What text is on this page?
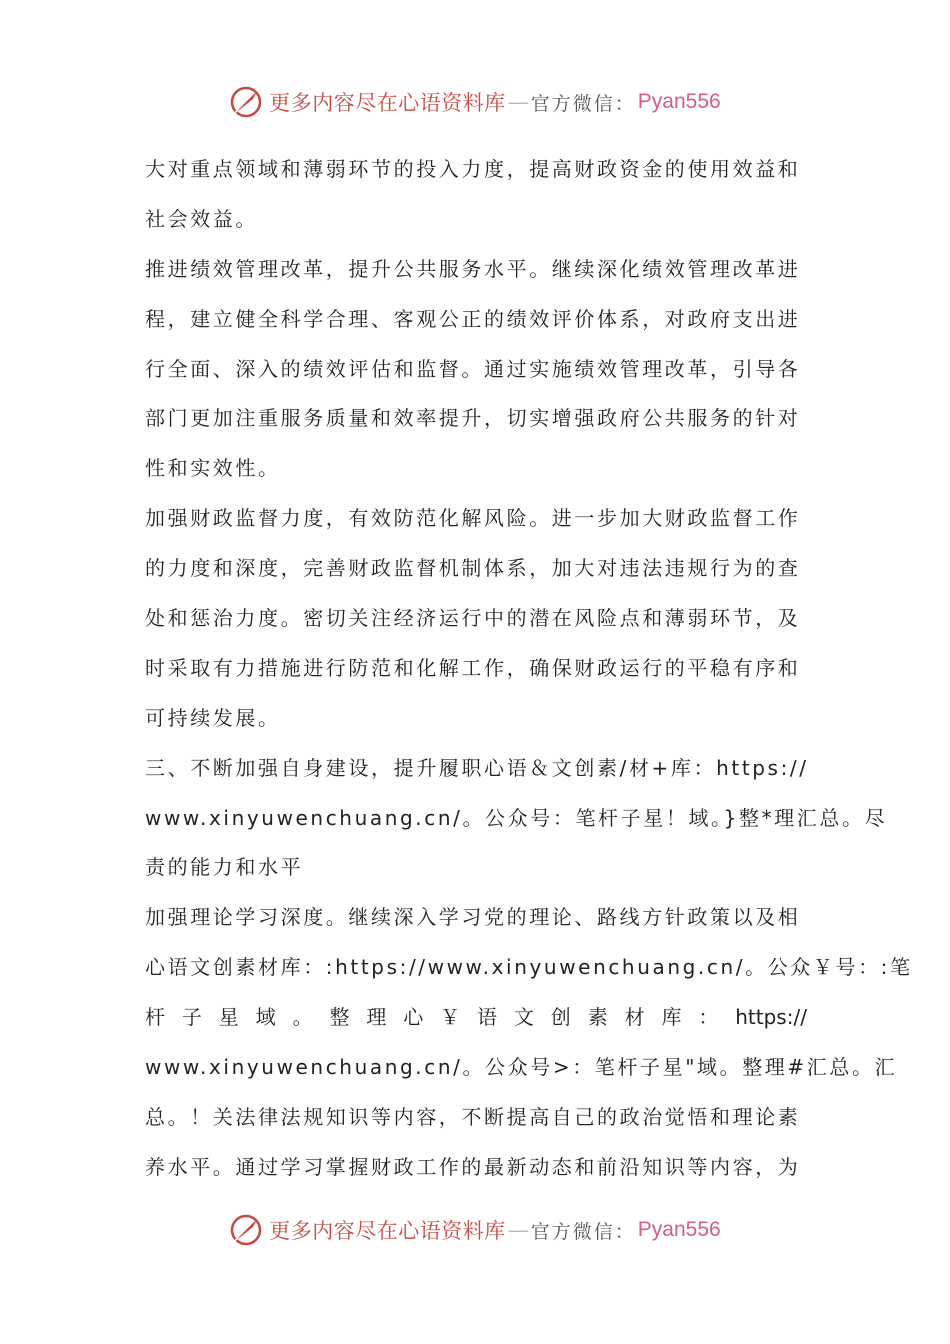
更多内容尽在心语资料库 — 官方微信： Pyan556
大对重点领域和薄弱环节的投入力度，提高财政资金的使用效益和
社会效益。
推进绩效管理改革，提升公共服务水平。继续深化绩效管理改革进
程，建立健全科学合理、客观公正的绩效评价体系，对政府支出进
行全面、深入的绩效评估和监督。通过实施绩效管理改革，引导各
部门更加注重服务质量和效率提升，切实增强政府公共服务的针对
性和实效性。
加强财政监督力度，有效防范化解风险。进一步加大财政监督工作
的力度和深度，完善财政监督机制体系，加大对违法违规行为的查
处和惩治力度。密切关注经济运行中的潜在风险点和薄弱环节，及
时采取有力措施进行防范和化解工作，确保财政运行的平稳有序和
可持续发展。
三、不断加强自身建设，提升履职心语＆文创素/材+库：https://
www.xinyuwenchuang.cn/。公众号：笔杆子星！域。}整*理汇总。尽
责的能力和水平
加强理论学习深度。继续深入学习党的理论、路线方针政策以及相
心语文创素材库：:https://www.xinyuwenchuang.cn/。公众￥号：:笔
杆 子 星 域 。 整 理 心 ￥ 语 文 创 素 材 库 ： https://
www.xinyuwenchuang.cn/。公众号>：笔杆子星"域。整理#汇总。汇
总。！关法律法规知识等内容，不断提高自己的政治觉悟和理论素
养水平。通过学习掌握财政工作的最新动态和前沿知识等内容，为
更多内容尽在心语资料库 — 官方微信： Pyan556
